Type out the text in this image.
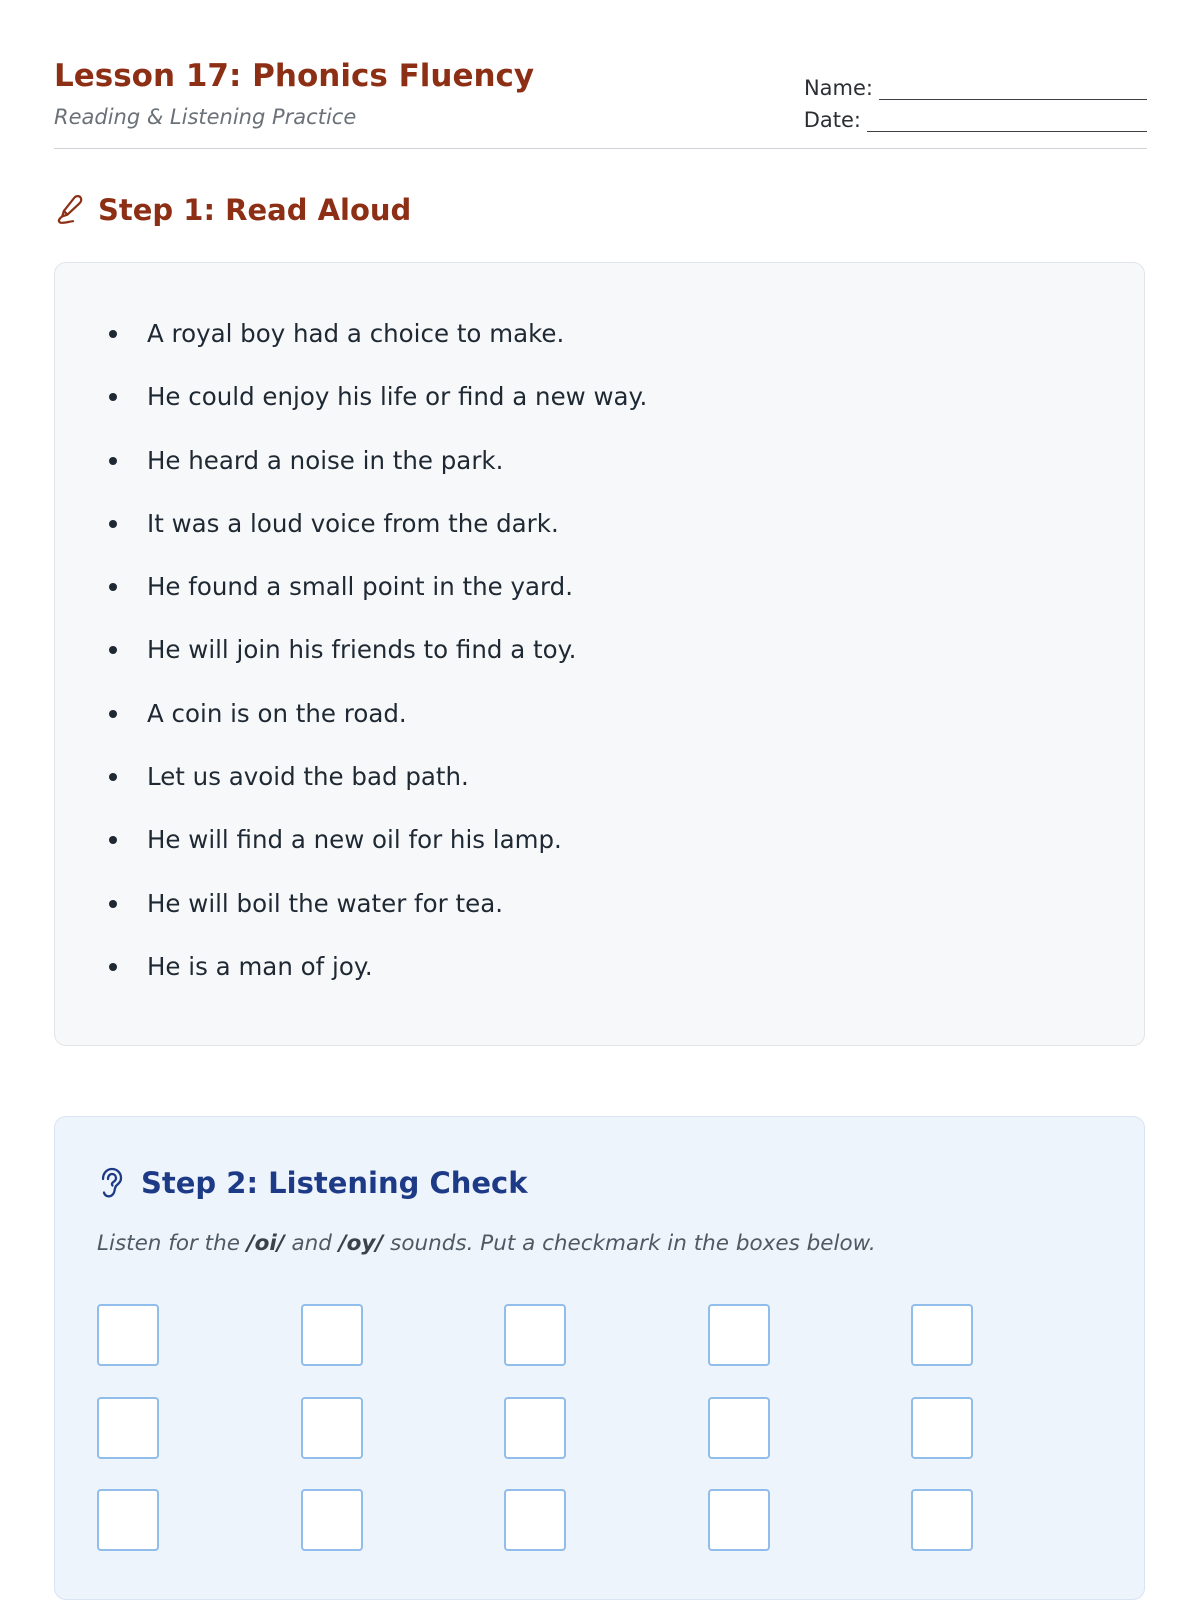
Lesson 17: Phonics Fluency
Reading & Listening Practice
Name:
Date:
Step 1: Read Aloud
A royal boy had a choice to make.
He could enjoy his life or find a new way.
He heard a noise in the park.
It was a loud voice from the dark.
He found a small point in the yard.
He will join his friends to find a toy.
A coin is on the road.
Let us avoid the bad path.
He will find a new oil for his lamp.
He will boil the water for tea.
He is a man of joy.
Step 2: Listening Check
Listen for the /oi/ and /oy/ sounds. Put a checkmark in the boxes below.
